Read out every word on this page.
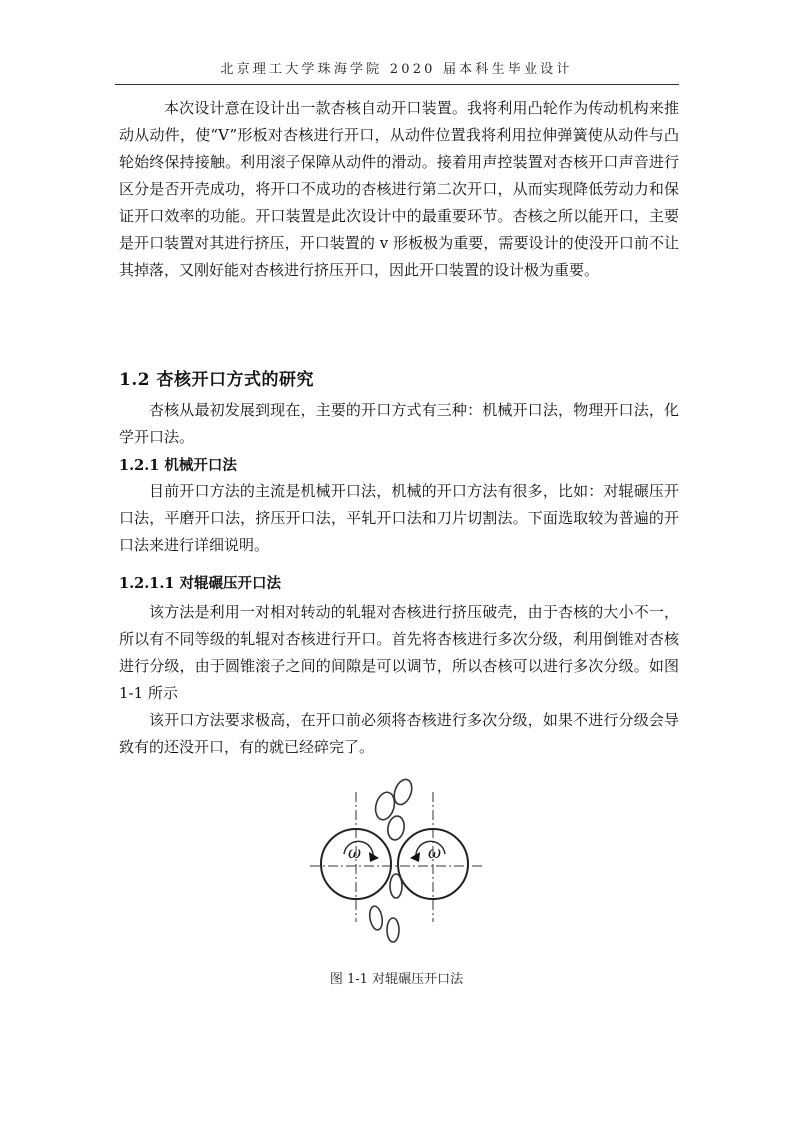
北京理工大学珠海学院 2020 届本科生毕业设计

本次设计意在设计出一款杏核自动开口装置。我将利用凸轮作为传动机构来推动从动件，使“V”形板对杏核进行开口，从动件位置我将利用拉伸弹簧使从动件与凸轮始终保持接触。利用滚子保障从动件的滑动。接着用声控装置对杏核开口声音进行区分是否开壳成功，将开口不成功的杏核进行第二次开口，从而实现降低劳动力和保证开口效率的功能。开口装置是此次设计中的最重要环节。杏核之所以能开口，主要是开口装置对其进行挤压，开口装置的 v 形板极为重要，需要设计的使没开口前不让其掉落，又刚好能对杏核进行挤压开口，因此开口装置的设计极为重要。

1.2 杏核开口方式的研究

杏核从最初发展到现在，主要的开口方式有三种：机械开口法，物理开口法，化学开口法。

1.2.1 机械开口法

目前开口方法的主流是机械开口法，机械的开口方法有很多，比如：对辊碾压开口法，平磨开口法，挤压开口法，平轧开口法和刀片切割法。下面选取较为普遍的开口法来进行详细说明。

1.2.1.1 对辊碾压开口法

该方法是利用一对相对转动的轧辊对杏核进行挤压破壳，由于杏核的大小不一，所以有不同等级的轧辊对杏核进行开口。首先将杏核进行多次分级，利用倒锥对杏核进行分级，由于圆锥滚子之间的间隙是可以调节，所以杏核可以进行多次分级。如图 1-1 所示

该开口方法要求极高，在开口前必须将杏核进行多次分级，如果不进行分级会导致有的还没开口，有的就已经碎完了。

ω	ω
图 1-1 对辊碾压开口法
